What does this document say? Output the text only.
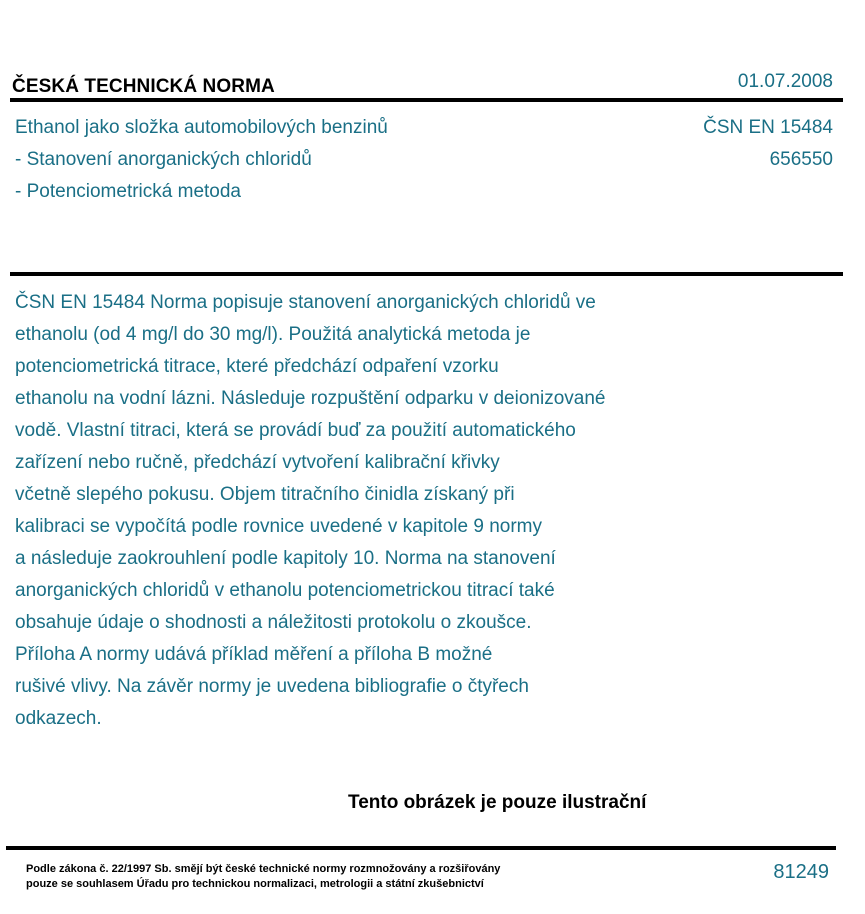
ČESKÁ TECHNICKÁ NORMA	01.07.2008
Ethanol jako složka automobilových benzinů
- Stanovení anorganických chloridů
- Potenciometrická metoda
ČSN EN 15484
656550
ČSN EN 15484 Norma popisuje stanovení anorganických chloridů ve
ethanolu (od 4 mg/l do 30 mg/l). Použitá analytická metoda je
potenciometrická titrace, které předchází odpaření vzorku
ethanolu na vodní lázni. Následuje rozpuštění odparku v deionizované
vodě. Vlastní titraci, která se provádí buď za použití automatického
zařízení nebo ručně, předchází vytvoření kalibrační křivky
včetně slepého pokusu. Objem titračního činidla získaný při
kalibraci se vypočítá podle rovnice uvedené v kapitole 9 normy
a následuje zaokrouhlení podle kapitoly 10. Norma na stanovení
anorganických chloridů v ethanolu potenciometrickou titrací také
obsahuje údaje o shodnosti a náležitosti protokolu o zkoušce.
Příloha A normy udává příklad měření a příloha B možné
rušivé vlivy. Na závěr normy je uvedena bibliografie o čtyřech
odkazech.
Tento obrázek je pouze ilustrační
Podle zákona č. 22/1997 Sb. smějí být české technické normy rozmnožovány a rozšiřovány
pouze se souhlasem Úřadu pro technickou normalizaci, metrologii a státní zkušebnictví
81249
